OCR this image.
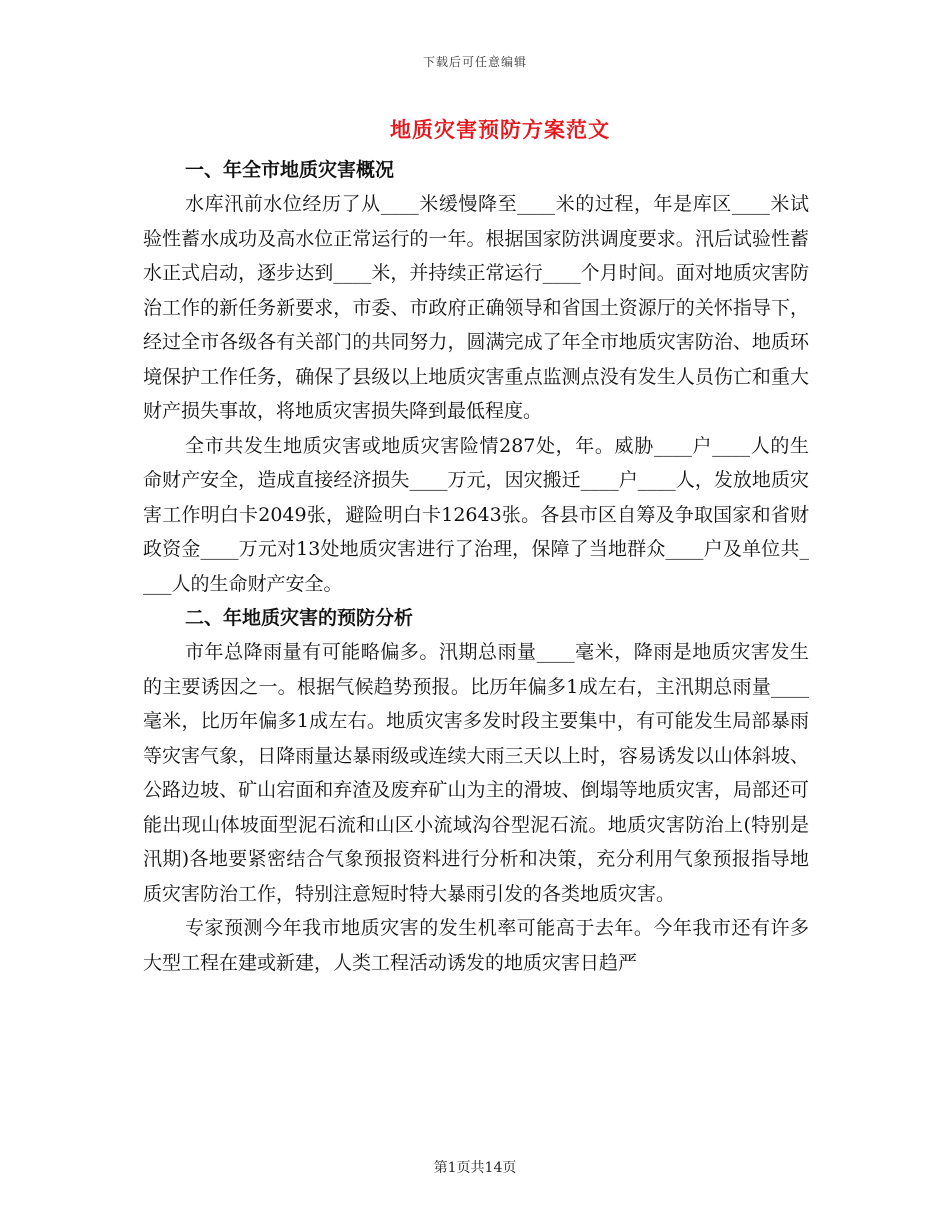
下载后可任意编辑
地质灾害预防方案范文
一、年全市地质灾害概况

水库汛前水位经历了从____米缓慢降至____米的过程，年是库区____米试验性蓄水成功及高水位正常运行的一年。根据国家防洪调度要求。汛后试验性蓄水正式启动，逐步达到____米，并持续正常运行____个月时间。面对地质灾害防治工作的新任务新要求，市委、市政府正确领导和省国土资源厅的关怀指导下，经过全市各级各有关部门的共同努力，圆满完成了年全市地质灾害防治、地质环境保护工作任务，确保了县级以上地质灾害重点监测点没有发生人员伤亡和重大财产损失事故，将地质灾害损失降到最低程度。

全市共发生地质灾害或地质灾害险情287处，年。威胁____户____人的生命财产安全，造成直接经济损失____万元，因灾搬迁____户____人，发放地质灾害工作明白卡2049张，避险明白卡12643张。各县市区自筹及争取国家和省财政资金____万元对13处地质灾害进行了治理，保障了当地群众____户及单位共____人的生命财产安全。

二、年地质灾害的预防分析

市年总降雨量有可能略偏多。汛期总雨量____毫米，降雨是地质灾害发生的主要诱因之一。根据气候趋势预报。比历年偏多1成左右，主汛期总雨量____毫米，比历年偏多1成左右。地质灾害多发时段主要集中，有可能发生局部暴雨等灾害气象，日降雨量达暴雨级或连续大雨三天以上时，容易诱发以山体斜坡、公路边坡、矿山宕面和弃渣及废弃矿山为主的滑坡、倒塌等地质灾害，局部还可能出现山体坡面型泥石流和山区小流域沟谷型泥石流。地质灾害防治上(特别是汛期)各地要紧密结合气象预报资料进行分析和决策，充分利用气象预报指导地质灾害防治工作，特别注意短时特大暴雨引发的各类地质灾害。

专家预测今年我市地质灾害的发生机率可能高于去年。今年我市还有许多大型工程在建或新建，人类工程活动诱发的地质灾害日趋严

第1页共14页
